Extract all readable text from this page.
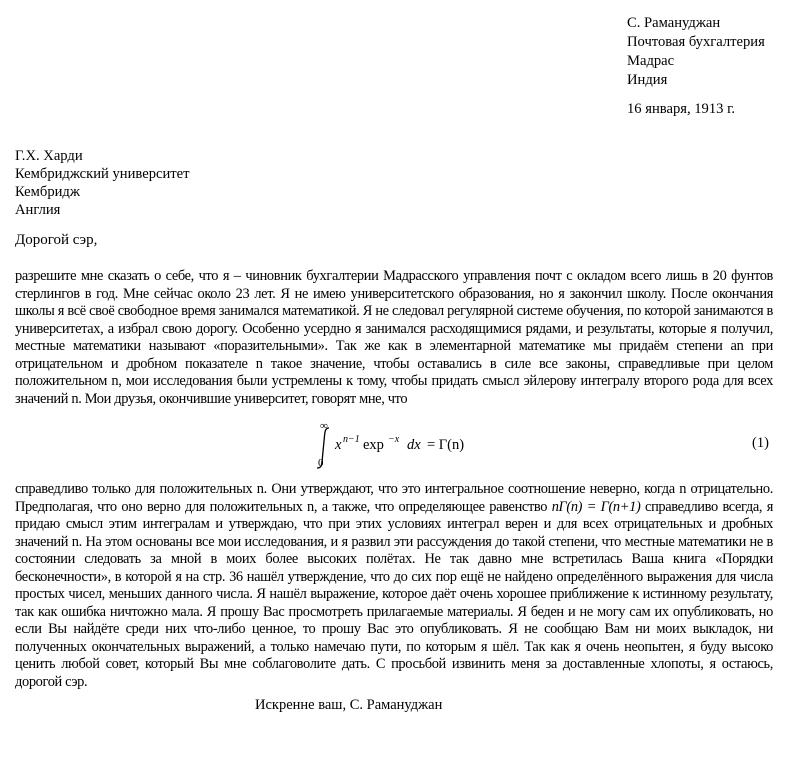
С. Рамануджан
Почтовая бухгалтерия
Мадрас
Индия
16 января, 1913 г.
Г.Х. Харди
Кембриджский университет
Кембридж
Англия
Дорогой сэр,
разрешите мне сказать о себе, что я – чиновник бухгалтерии Мадрасского управления почт с окладом всего лишь в 20 фунтов стерлингов в год. Мне сейчас около 23 лет. Я не имею университетского образования, но я закончил школу. После окончания школы я всё своё свободное время занимался математикой. Я не следовал регулярной системе обучения, по которой занимаются в университетах, а избрал свою дорогу. Особенно усердно я занимался расходящимися рядами, и результаты, которые я получил, местные математики называют «поразительными». Так же как в элементарной математике мы придаём степени an при отрицательном и дробном показателе n такое значение, чтобы оставались в силе все законы, справедливые при целом положительном n, мои исследования были устремлены к тому, чтобы придать смысл эйлерову интегралу второго рода для всех значений n. Мои друзья, окончившие университет, говорят мне, что
∞
0
x n−1 exp −x dx = Γ(n)	(1)
справедливо только для положительных n. Они утверждают, что это интегральное соотношение неверно, когда n отрицательно. Предполагая, что оно верно для положительных n, а также, что определяющее равенство nΓ(n) = Γ(n+1) справедливо всегда, я придаю смысл этим интегралам и утверждаю, что при этих условиях интеграл верен и для всех отрицательных и дробных значений n. На этом основаны все мои исследования, и я развил эти рассуждения до такой степени, что местные математики не в состоянии следовать за мной в моих более высоких полётах. Не так давно мне встретилась Ваша книга «Порядки бесконечности», в которой я на стр. 36 нашёл утверждение, что до сих пор ещё не найдено определённого выражения для числа простых чисел, меньших данного числа. Я нашёл выражение, которое даёт очень хорошее приближение к истинному результату, так как ошибка ничтожно мала. Я прошу Вас просмотреть прилагаемые материалы. Я беден и не могу сам их опубликовать, но если Вы найдёте среди них что-либо ценное, то прошу Вас это опубликовать. Я не сообщаю Вам ни моих выкладок, ни полученных окончательных выражений, а только намечаю пути, по которым я шёл. Так как я очень неопытен, я буду высоко ценить любой совет, который Вы мне соблаговолите дать. С просьбой извинить меня за доставленные хлопоты, я остаюсь, дорогой сэр.
Искренне ваш, С. Рамануджан
